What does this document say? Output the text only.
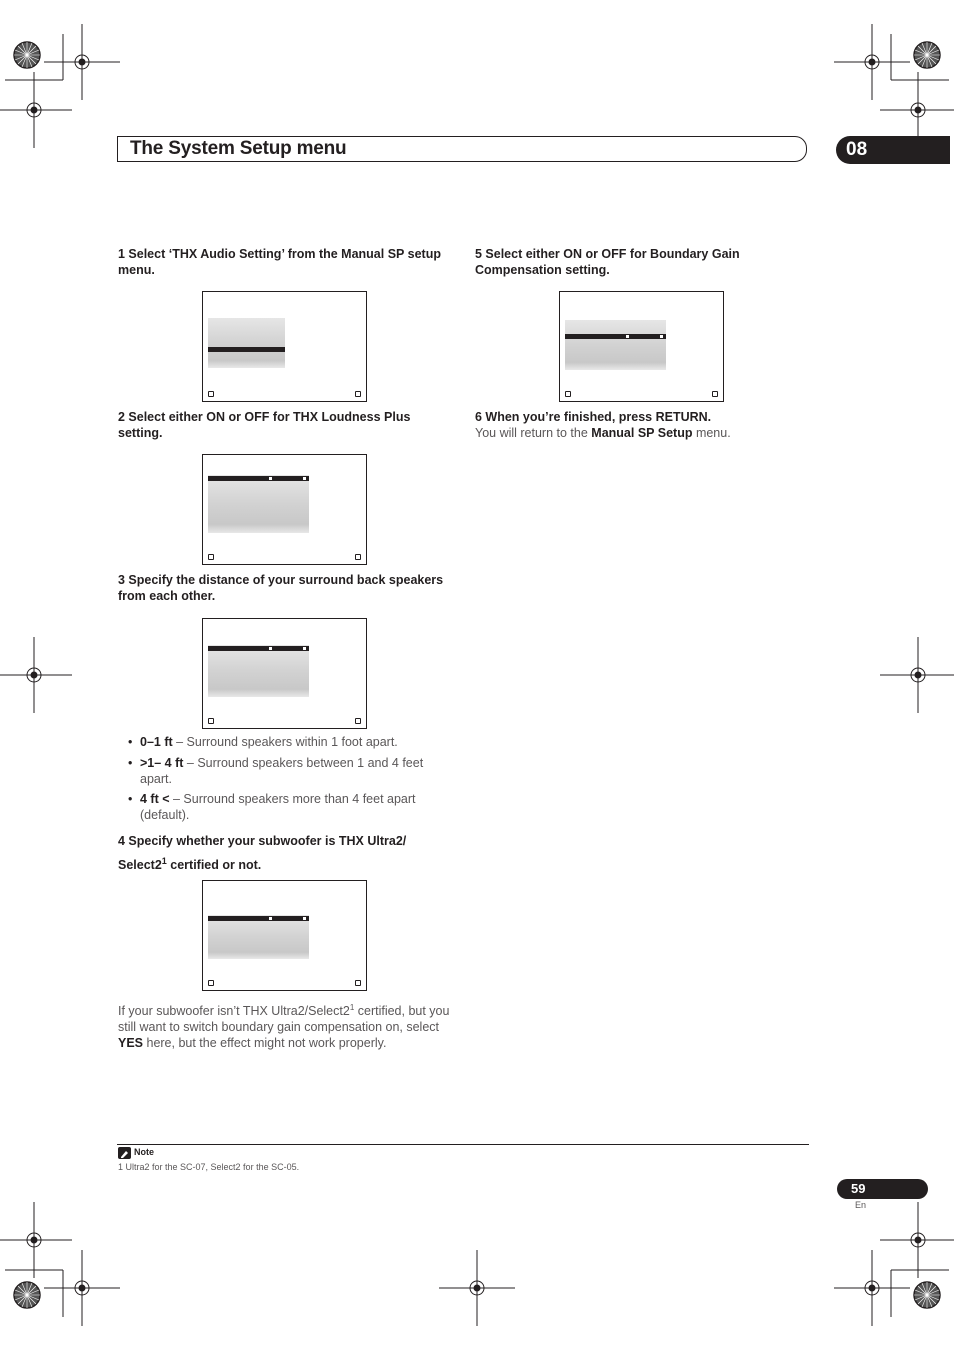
The System Setup menu	08
1 Select ‘THX Audio Setting’ from the Manual SP setup menu.
2 Select either ON or OFF for THX Loudness Plus setting.
3 Specify the distance of your surround back speakers from each other.
• 0–1 ft – Surround speakers within 1 foot apart.
• >1– 4 ft – Surround speakers between 1 and 4 feet apart.
• 4 ft < – Surround speakers more than 4 feet apart (default).
4 Specify whether your subwoofer is THX Ultra2/
$Select2^1$ certified or not.
If your subwoofer isn’t THX $Ultra2/Select2^1$ certified, but you still want to switch boundary gain compensation on, select YES here, but the effect might not work properly.
5 Select either ON or OFF for Boundary Gain Compensation setting.
6 When you’re finished, press RETURN.
You will return to the Manual SP Setup menu.
Note
1 Ultra2 for the SC-07, Select2 for the SC-05.
59
En
